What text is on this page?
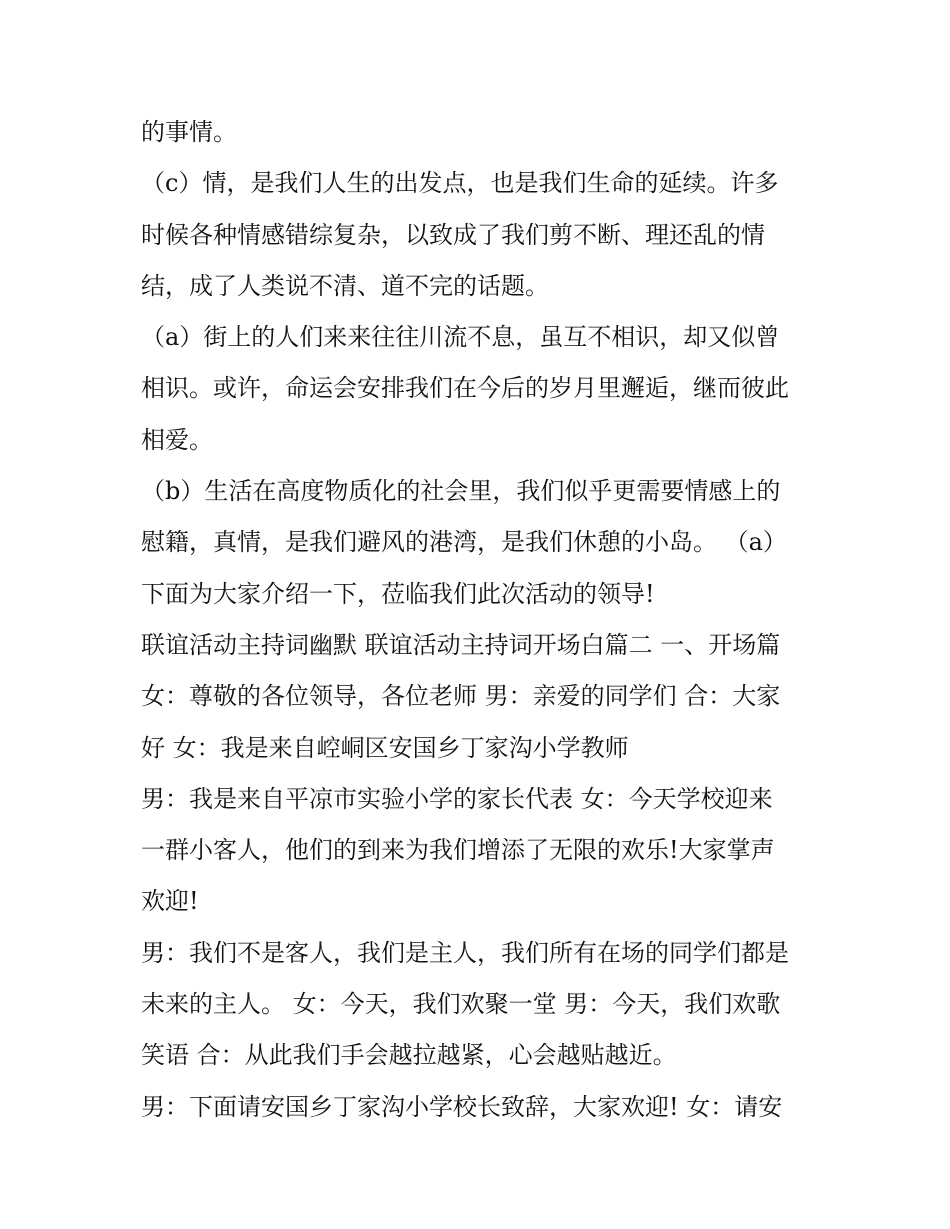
的事情。
（c）情，是我们人生的出发点，也是我们生命的延续。许多
时候各种情感错综复杂，以致成了我们剪不断、理还乱的情
结，成了人类说不清、道不完的话题。
（a）街上的人们来来往往川流不息，虽互不相识，却又似曾
相识。或许，命运会安排我们在今后的岁月里邂逅，继而彼此
相爱。
（b）生活在高度物质化的社会里，我们似乎更需要情感上的
慰籍，真情，是我们避风的港湾，是我们休憩的小岛。 （a）
下面为大家介绍一下，莅临我们此次活动的领导!
联谊活动主持词幽默 联谊活动主持词开场白篇二 一、开场篇
女：尊敬的各位领导，各位老师 男：亲爱的同学们 合：大家
好 女：我是来自崆峒区安国乡丁家沟小学教师
男：我是来自平凉市实验小学的家长代表 女：今天学校迎来
一群小客人，他们的到来为我们增添了无限的欢乐!大家掌声
欢迎!
男：我们不是客人，我们是主人，我们所有在场的同学们都是
未来的主人。 女：今天，我们欢聚一堂 男：今天，我们欢歌
笑语 合：从此我们手会越拉越紧，心会越贴越近。
男：下面请安国乡丁家沟小学校长致辞，大家欢迎! 女：请安
